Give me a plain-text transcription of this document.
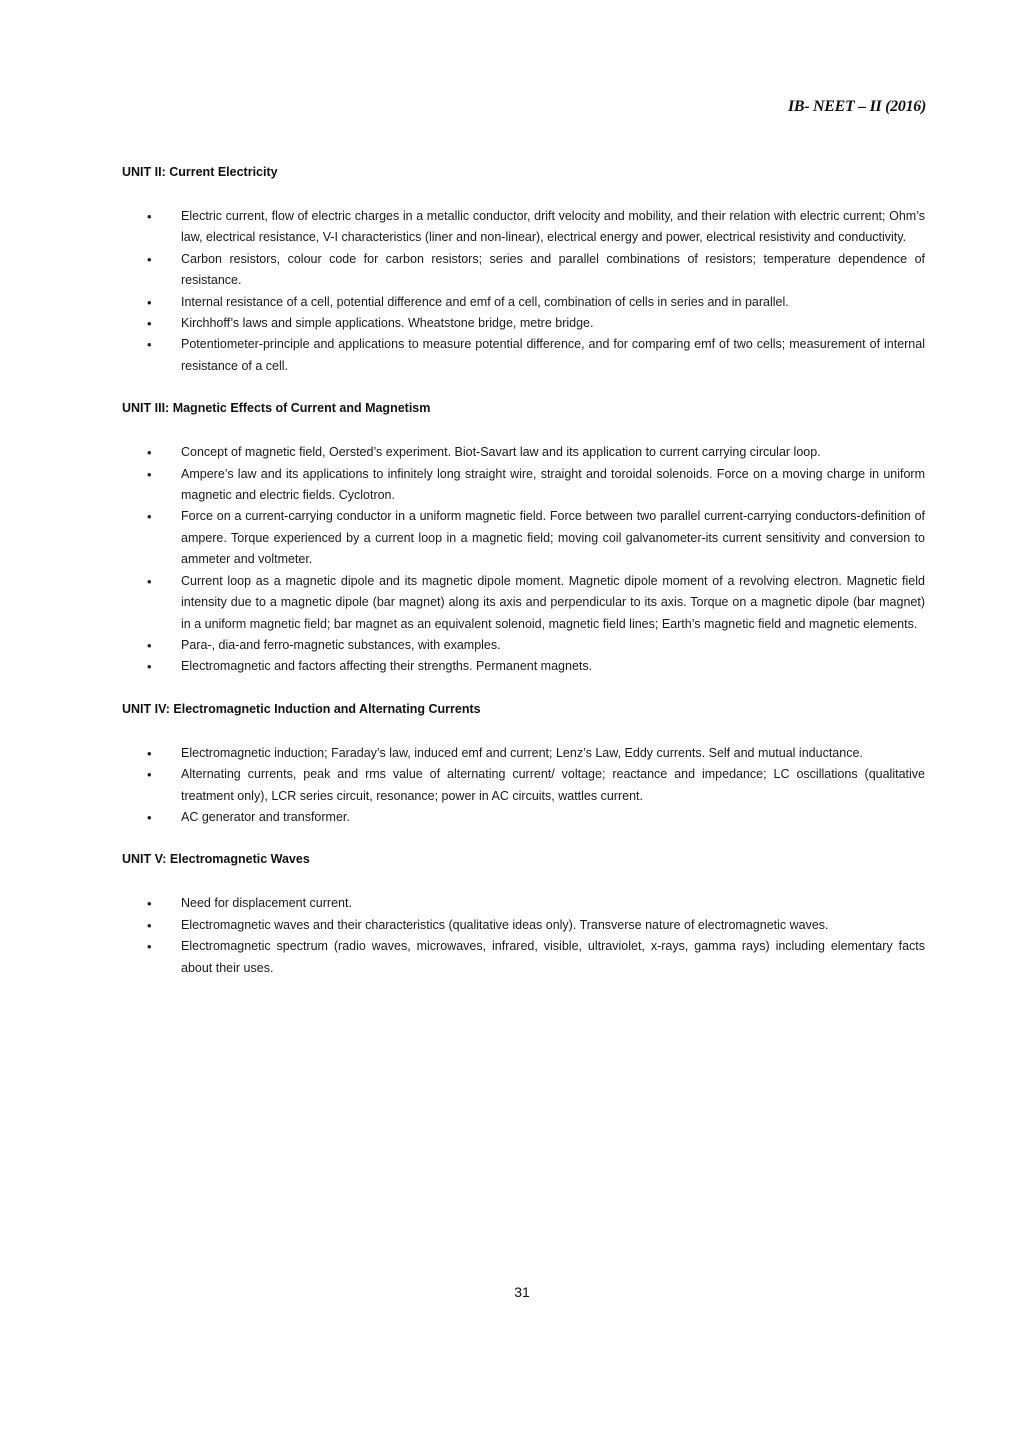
IB- NEET – II (2016)
UNIT II: Current Electricity
• Electric current, flow of electric charges in a metallic conductor, drift velocity and mobility, and their relation with electric current; Ohm’s law, electrical resistance, V-I characteristics (liner and non-linear), electrical energy and power, electrical resistivity and conductivity.
• Carbon resistors, colour code for carbon resistors; series and parallel combinations of resistors; temperature dependence of resistance.
• Internal resistance of a cell, potential difference and emf of a cell, combination of cells in series and in parallel.
• Kirchhoff’s laws and simple applications. Wheatstone bridge, metre bridge.
• Potentiometer-principle and applications to measure potential difference, and for comparing emf of two cells; measurement of internal resistance of a cell.
UNIT III: Magnetic Effects of Current and Magnetism
• Concept of magnetic field, Oersted’s experiment. Biot-Savart law and its application to current carrying circular loop.
• Ampere’s law and its applications to infinitely long straight wire, straight and toroidal solenoids. Force on a moving charge in uniform magnetic and electric fields. Cyclotron.
• Force on a current-carrying conductor in a uniform magnetic field. Force between two parallel current-carrying conductors-definition of ampere. Torque experienced by a current loop in a magnetic field; moving coil galvanometer-its current sensitivity and conversion to ammeter and voltmeter.
• Current loop as a magnetic dipole and its magnetic dipole moment. Magnetic dipole moment of a revolving electron. Magnetic field intensity due to a magnetic dipole (bar magnet) along its axis and perpendicular to its axis. Torque on a magnetic dipole (bar magnet) in a uniform magnetic field; bar magnet as an equivalent solenoid, magnetic field lines; Earth’s magnetic field and magnetic elements.
• Para-, dia-and ferro-magnetic substances, with examples.
• Electromagnetic and factors affecting their strengths. Permanent magnets.
UNIT IV: Electromagnetic Induction and Alternating Currents
• Electromagnetic induction; Faraday’s law, induced emf and current; Lenz’s Law, Eddy currents. Self and mutual inductance.
• Alternating currents, peak and rms value of alternating current/ voltage; reactance and impedance; LC oscillations (qualitative treatment only), LCR series circuit, resonance; power in AC circuits, wattles current.
• AC generator and transformer.
UNIT V: Electromagnetic Waves
• Need for displacement current.
• Electromagnetic waves and their characteristics (qualitative ideas only). Transverse nature of electromagnetic waves.
• Electromagnetic spectrum (radio waves, microwaves, infrared, visible, ultraviolet, x-rays, gamma rays) including elementary facts about their uses.
31
